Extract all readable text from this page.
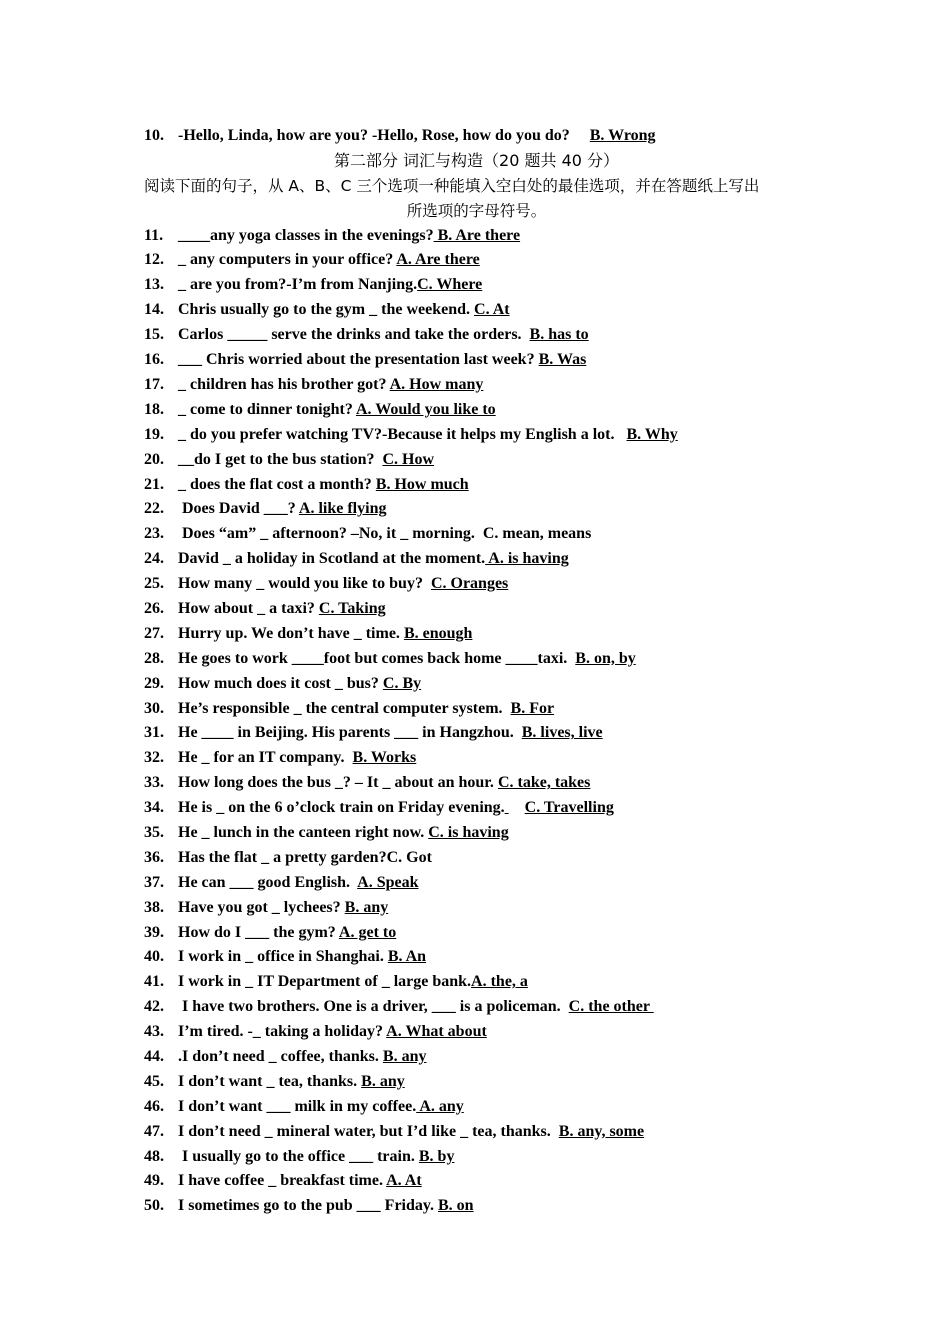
10. -Hello, Linda, how are you? -Hello, Rose, how do you do? B. Wrong
第二部分 词汇与构造（20 题共 40 分）
阅读下面的句子，从 A、B、C 三个选项一种能填入空白处的最佳选项，并在答题纸上写出
所选项的字母符号。
11. ____any yoga classes in the evenings? B. Are there
12. _ any computers in your office? A. Are there
13. _ are you from?-I’m from Nanjing.C. Where
14. Chris usually go to the gym _ the weekend. C. At
15. Carlos _____ serve the drinks and take the orders.  B. has to
16. ___ Chris worried about the presentation last week? B. Was
17. _ children has his brother got? A. How many
18. _ come to dinner tonight? A. Would you like to
19. _ do you prefer watching TV?-Because it helps my English a lot.   B. Why
20. __do I get to the bus station?  C. How
21. _ does the flat cost a month? B. How much
22. Does David ___? A. like flying
23. Does “am” _ afternoon? –No, it _ morning.  C. mean, means
24. David _ a holiday in Scotland at the moment. A. is having
25. How many _ would you like to buy?  C. Oranges
26. How about _ a taxi? C. Taking
27. Hurry up. We don’t have _ time. B. enough
28. He goes to work ____foot but comes back home ____taxi.  B. on, by
29. How much does it cost _ bus? C. By
30. He’s responsible _ the central computer system.  B. For
31. He ____ in Beijing. His parents ___ in Hangzhou.  B. lives, live
32. He _ for an IT company.  B. Works
33. How long does the bus _? – It _ about an hour. C. take, takes
34. He is _ on the 6 o’clock train on Friday evening. C. Travelling
35. He _ lunch in the canteen right now. C. is having
36. Has the flat _ a pretty garden?C. Got
37. He can ___ good English.  A. Speak
38. Have you got _ lychees? B. any
39. How do I ___ the gym? A. get to
40. I work in _ office in Shanghai. B. An
41. I work in _ IT Department of _ large bank.A. the, a
42. I have two brothers. One is a driver, ___ is a policeman.  C. the other
43. I’m tired. -_ taking a holiday? A. What about
44. .I don’t need _ coffee, thanks. B. any
45. I don’t want _ tea, thanks. B. any
46. I don’t want ___ milk in my coffee. A. any
47. I don’t need _ mineral water, but I’d like _ tea, thanks.  B. any, some
48. I usually go to the office ___ train. B. by
49. I have coffee _ breakfast time. A. At
50. I sometimes go to the pub ___ Friday. B. on
